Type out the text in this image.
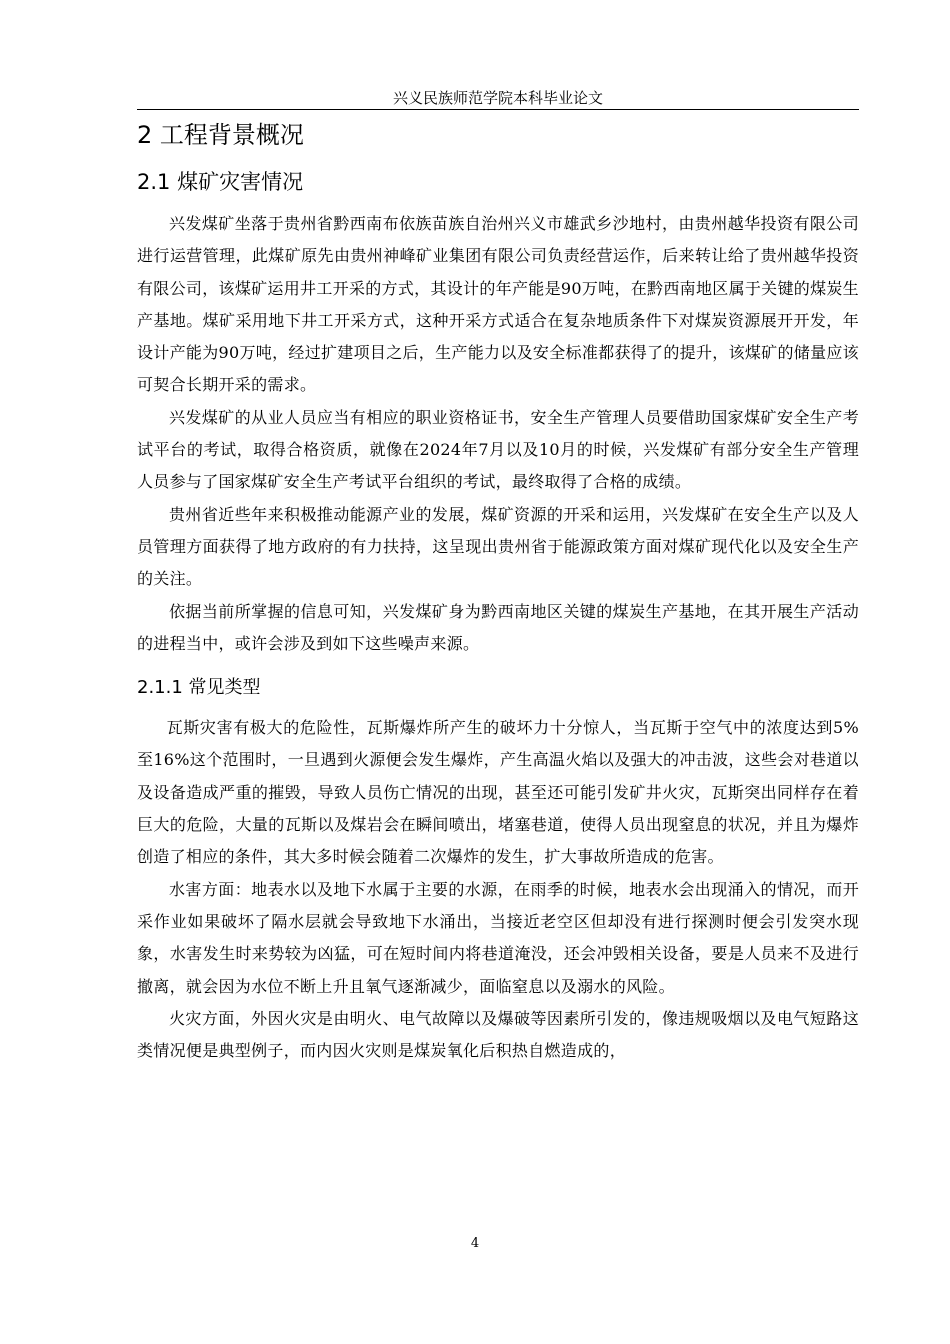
兴义民族师范学院本科毕业论文
2 工程背景概况
2.1 煤矿灾害情况

兴发煤矿坐落于贵州省黔西南布依族苗族自治州兴义市雄武乡沙地村，由贵州越华投资有限公司进行运营管理，此煤矿原先由贵州神峰矿业集团有限公司负责经营运作，后来转让给了贵州越华投资有限公司，该煤矿运用井工开采的方式，其设计的年产能是90万吨，在黔西南地区属于关键的煤炭生产基地。煤矿采用地下井工开采方式，这种开采方式适合在复杂地质条件下对煤炭资源展开开发，年设计产能为90万吨，经过扩建项目之后，生产能力以及安全标准都获得了的提升，该煤矿的储量应该可契合长期开采的需求。

兴发煤矿的从业人员应当有相应的职业资格证书，安全生产管理人员要借助国家煤矿安全生产考试平台的考试，取得合格资质，就像在2024年7月以及10月的时候，兴发煤矿有部分安全生产管理人员参与了国家煤矿安全生产考试平台组织的考试，最终取得了合格的成绩。

贵州省近些年来积极推动能源产业的发展，煤矿资源的开采和运用，兴发煤矿在安全生产以及人员管理方面获得了地方政府的有力扶持，这呈现出贵州省于能源政策方面对煤矿现代化以及安全生产的关注。

依据当前所掌握的信息可知，兴发煤矿身为黔西南地区关键的煤炭生产基地，在其开展生产活动的进程当中，或许会涉及到如下这些噪声来源。

2.1.1 常见类型

瓦斯灾害有极大的危险性，瓦斯爆炸所产生的破坏力十分惊人，当瓦斯于空气中的浓度达到5%至16%这个范围时，一旦遇到火源便会发生爆炸，产生高温火焰以及强大的冲击波，这些会对巷道以及设备造成严重的摧毁，导致人员伤亡情况的出现，甚至还可能引发矿井火灾，瓦斯突出同样存在着巨大的危险，大量的瓦斯以及煤岩会在瞬间喷出，堵塞巷道，使得人员出现窒息的状况，并且为爆炸创造了相应的条件，其大多时候会随着二次爆炸的发生，扩大事故所造成的危害。

水害方面：地表水以及地下水属于主要的水源，在雨季的时候，地表水会出现涌入的情况，而开采作业如果破坏了隔水层就会导致地下水涌出，当接近老空区但却没有进行探测时便会引发突水现象，水害发生时来势较为凶猛，可在短时间内将巷道淹没，还会冲毁相关设备，要是人员来不及进行撤离，就会因为水位不断上升且氧气逐渐减少，面临窒息以及溺水的风险。

火灾方面，外因火灾是由明火、电气故障以及爆破等因素所引发的，像违规吸烟以及电气短路这类情况便是典型例子，而内因火灾则是煤炭氧化后积热自燃造成的，

4
